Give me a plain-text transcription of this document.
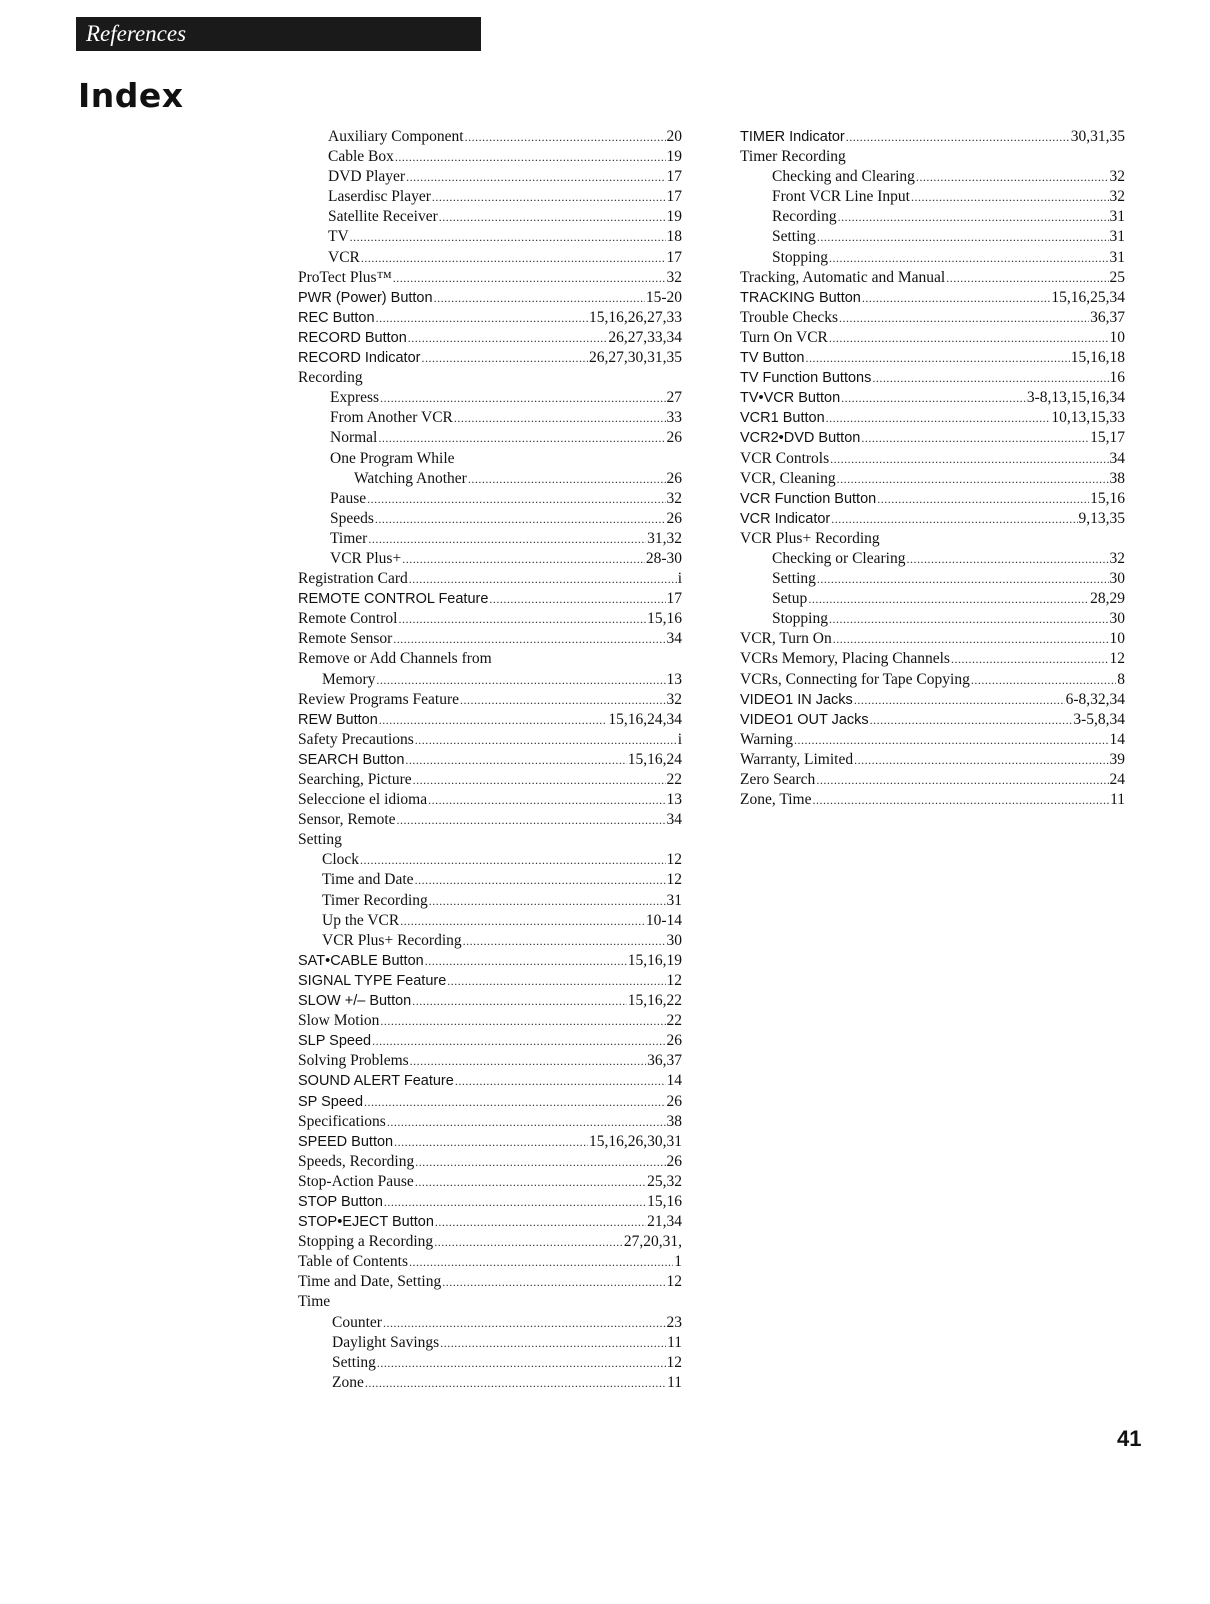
References
Index
Auxiliary Component .....	20
Cable Box .....	19
DVD Player .....	17
Laserdisc Player .....	17
Satellite Receiver .....	19
TV .....	18
VCR .....	17
ProTect Plus™ .....	32
PWR (Power) Button .....	15-20
REC Button .....	15,16,26,27,33
RECORD Button .....	26,27,33,34
RECORD Indicator .....	26,27,30,31,35
Recording
Express .....	27
From Another VCR .....	33
Normal .....	26
One Program While
Watching Another .....	26
Pause .....	32
Speeds .....	26
Timer .....	31,32
VCR Plus+ .....	28-30
Registration Card .....	i
REMOTE CONTROL Feature .....	17
Remote Control .....	15,16
Remote Sensor .....	34
Remove or Add Channels from
Memory .....	13
Review Programs Feature .....	32
REW Button .....	15,16,24,34
Safety Precautions .....	i
SEARCH Button .....	15,16,24
Searching, Picture .....	22
Seleccione el idioma .....	13
Sensor, Remote .....	34
Setting
Clock .....	12
Time and Date .....	12
Timer Recording .....	31
Up the VCR .....	10-14
VCR Plus+ Recording .....	30
SAT•CABLE Button .....	15,16,19
SIGNAL TYPE Feature .....	12
SLOW +/– Button .....	15,16,22
Slow Motion .....	22
SLP Speed .....	26
Solving Problems .....	36,37
SOUND ALERT Feature .....	14
SP Speed .....	26
Specifications .....	38
SPEED Button .....	15,16,26,30,31
Speeds, Recording .....	26
Stop-Action Pause .....	25,32
STOP Button .....	15,16
STOP•EJECT Button .....	21,34
Stopping a Recording .....	27,20,31,
Table of Contents .....	1
Time and Date, Setting .....	12
Time
Counter .....	23
Daylight Savings .....	11
Setting .....	12
Zone .....	11
TIMER Indicator .....	30,31,35
Timer Recording
Checking and Clearing .....	32
Front VCR Line Input .....	32
Recording .....	31
Setting .....	31
Stopping .....	31
Tracking, Automatic and Manual .....	25
TRACKING Button .....	15,16,25,34
Trouble Checks .....	36,37
Turn On VCR .....	10
TV Button .....	15,16,18
TV Function Buttons .....	16
TV•VCR Button .....	3-8,13,15,16,34
VCR1 Button .....	10,13,15,33
VCR2•DVD Button .....	15,17
VCR Controls .....	34
VCR, Cleaning .....	38
VCR Function Button .....	15,16
VCR Indicator .....	9,13,35
VCR Plus+ Recording
Checking or Clearing .....	32
Setting .....	30
Setup .....	28,29
Stopping .....	30
VCR, Turn On .....	10
VCRs Memory, Placing Channels .....	12
VCRs, Connecting for Tape Copying .....	8
VIDEO1 IN Jacks .....	6-8,32,34
VIDEO1 OUT Jacks .....	3-5,8,34
Warning .....	14
Warranty, Limited .....	39
Zero Search .....	24
Zone, Time .....	11
41
